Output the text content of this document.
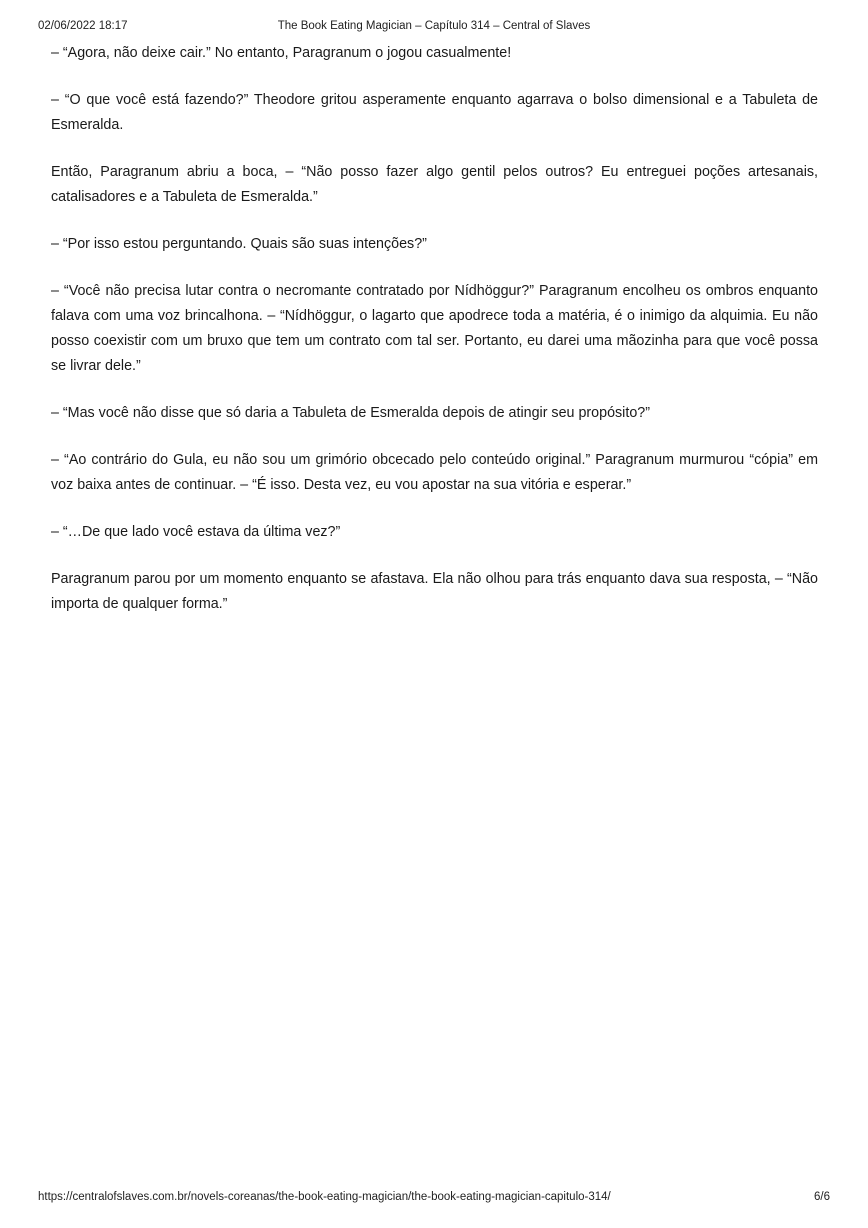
02/06/2022 18:17	The Book Eating Magician – Capítulo 314 – Central of Slaves

– “Agora, não deixe cair.” No entanto, Paragranum o jogou casualmente!

– “O que você está fazendo?” Theodore gritou asperamente enquanto agarrava o bolso dimensional e a Tabuleta de Esmeralda.

Então, Paragranum abriu a boca, – “Não posso fazer algo gentil pelos outros? Eu entreguei poções artesanais, catalisadores e a Tabuleta de Esmeralda.”

– “Por isso estou perguntando. Quais são suas intenções?”

– “Você não precisa lutar contra o necromante contratado por Nídhöggur?” Paragranum encolheu os ombros enquanto falava com uma voz brincalhona. – “Nídhöggur, o lagarto que apodrece toda a matéria, é o inimigo da alquimia. Eu não posso coexistir com um bruxo que tem um contrato com tal ser. Portanto, eu darei uma mãozinha para que você possa se livrar dele.”

– “Mas você não disse que só daria a Tabuleta de Esmeralda depois de atingir seu propósito?”

– “Ao contrário do Gula, eu não sou um grimório obcecado pelo conteúdo original.” Paragranum murmurou “cópia” em voz baixa antes de continuar. – “É isso. Desta vez, eu vou apostar na sua vitória e esperar.”

– “…De que lado você estava da última vez?”

Paragranum parou por um momento enquanto se afastava. Ela não olhou para trás enquanto dava sua resposta, – “Não importa de qualquer forma.”

https://centralofslaves.com.br/novels-coreanas/the-book-eating-magician/the-book-eating-magician-capitulo-314/	6/6
